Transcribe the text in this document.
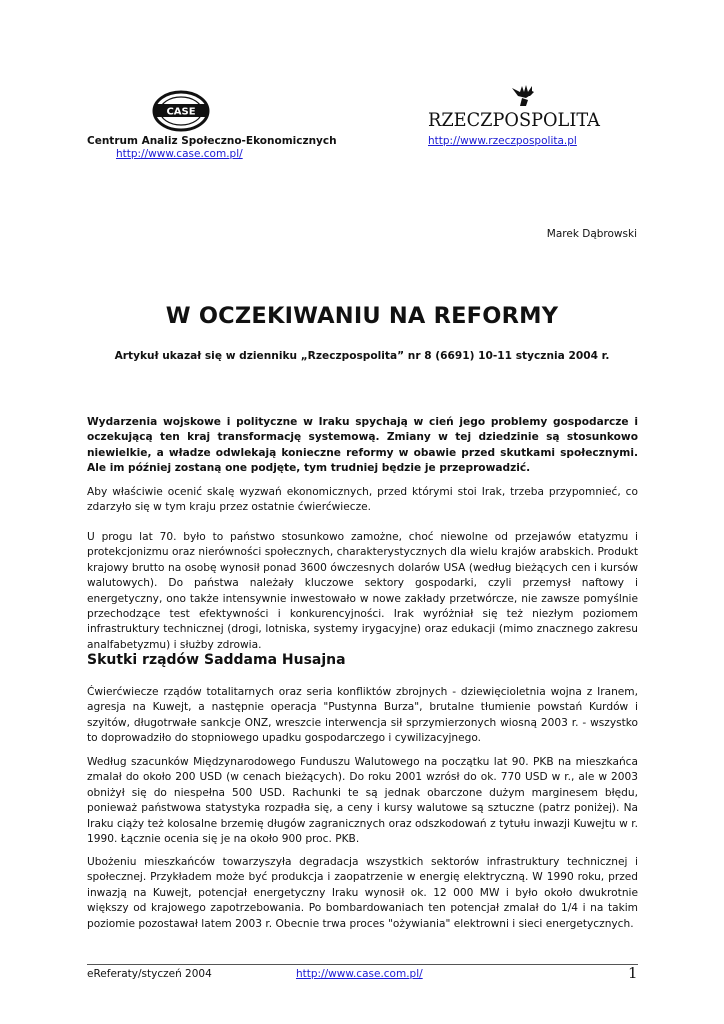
CASE	RZECZPOSPOLITA
Centrum Analiz Społeczno-Ekonomicznych
http://www.case.com.pl/
http://www.rzeczpospolita.pl
Marek Dąbrowski
W OCZEKIWANIU NA REFORMY
Artykuł ukazał się w dzienniku „Rzeczpospolita” nr 8 (6691) 10-11 stycznia 2004 r.

Wydarzenia wojskowe i polityczne w Iraku spychają w cień jego problemy gospodarcze i oczekującą ten kraj transformację systemową. Zmiany w tej dziedzinie są stosunkowo niewielkie, a władze odwlekają konieczne reformy w obawie przed skutkami społecznymi. Ale im później zostaną one podjęte, tym trudniej będzie je przeprowadzić.

Aby właściwie ocenić skalę wyzwań ekonomicznych, przed którymi stoi Irak, trzeba przypomnieć, co zdarzyło się w tym kraju przez ostatnie ćwierćwiecze.

U progu lat 70. było to państwo stosunkowo zamożne, choć niewolne od przejawów etatyzmu i protekcjonizmu oraz nierówności społecznych, charakterystycznych dla wielu krajów arabskich. Produkt krajowy brutto na osobę wynosił ponad 3600 ówczesnych dolarów USA (według bieżących cen i kursów walutowych). Do państwa należały kluczowe sektory gospodarki, czyli przemysł naftowy i energetyczny, ono także intensywnie inwestowało w nowe zakłady przetwórcze, nie zawsze pomyślnie przechodzące test efektywności i konkurencyjności. Irak wyróżniał się też niezłym poziomem infrastruktury technicznej (drogi, lotniska, systemy irygacyjne) oraz edukacji (mimo znacznego zakresu analfabetyzmu) i służby zdrowia.

Skutki rządów Saddama Husajna

Ćwierćwiecze rządów totalitarnych oraz seria konfliktów zbrojnych - dziewięcioletnia wojna z Iranem, agresja na Kuwejt, a następnie operacja "Pustynna Burza", brutalne tłumienie powstań Kurdów i szyitów, długotrwałe sankcje ONZ, wreszcie interwencja sił sprzymierzonych wiosną 2003 r. - wszystko to doprowadziło do stopniowego upadku gospodarczego i cywilizacyjnego.

Według szacunków Międzynarodowego Funduszu Walutowego na początku lat 90. PKB na mieszkańca zmalał do około 200 USD (w cenach bieżących). Do roku 2001 wzrósł do ok. 770 USD w r., ale w 2003 obniżył się do niespełna 500 USD. Rachunki te są jednak obarczone dużym marginesem błędu, ponieważ państwowa statystyka rozpadła się, a ceny i kursy walutowe są sztuczne (patrz poniżej). Na Iraku ciąży też kolosalne brzemię długów zagranicznych oraz odszkodowań z tytułu inwazji Kuwejtu w r. 1990. Łącznie ocenia się je na około 900 proc. PKB.

Ubożeniu mieszkańców towarzyszyła degradacja wszystkich sektorów infrastruktury technicznej i społecznej. Przykładem może być produkcja i zaopatrzenie w energię elektryczną. W 1990 roku, przed inwazją na Kuwejt, potencjał energetyczny Iraku wynosił ok. 12 000 MW i było około dwukrotnie większy od krajowego zapotrzebowania. Po bombardowaniach ten potencjał zmalał do 1/4 i na takim poziomie pozostawał latem 2003 r. Obecnie trwa proces "ożywiania" elektrowni i sieci energetycznych.

eReferaty/styczeń 2004	http://www.case.com.pl/	1
